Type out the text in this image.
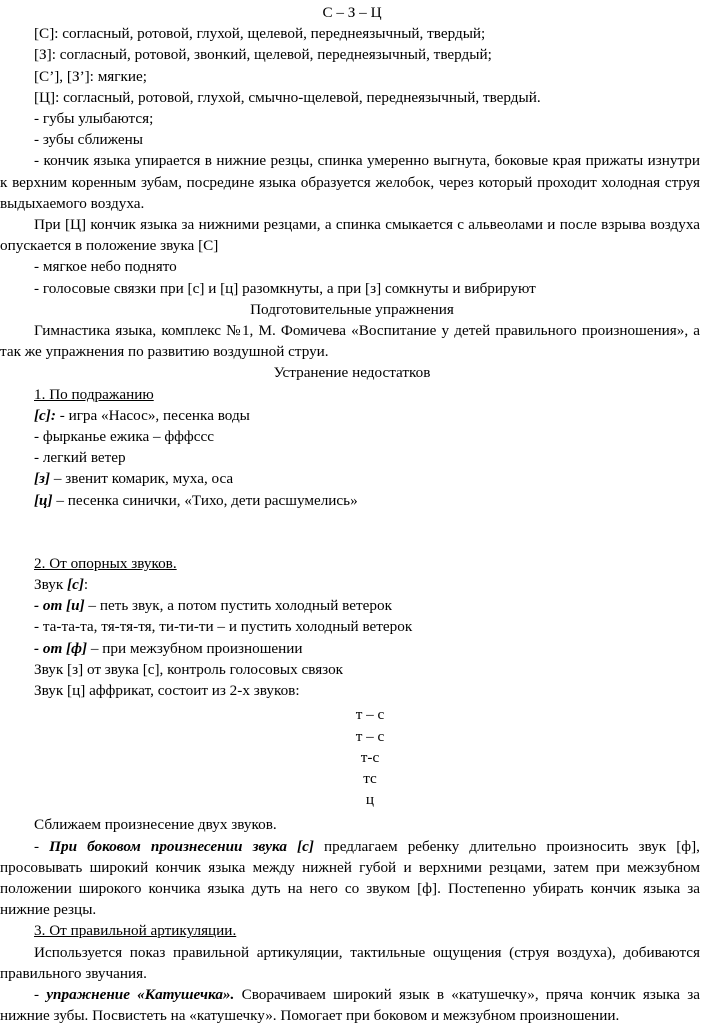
С – З – Ц

[С]: согласный, ротовой, глухой, щелевой, переднеязычный, твердый;

[З]: согласный, ротовой, звонкий, щелевой, переднеязычный, твердый;

[С’], [З’]: мягкие;

[Ц]: согласный, ротовой, глухой, смычно-щелевой, переднеязычный, твердый.

- губы улыбаются;

- зубы сближены

- кончик языка упирается в нижние резцы, спинка умеренно выгнута, боковые края прижаты изнутри к верхним коренным зубам, посредине языка образуется желобок, через который проходит холодная струя выдыхаемого воздуха.

При [Ц] кончик языка за нижними резцами, а спинка смыкается с альвеолами и после взрыва воздуха опускается в положение звука [С]

- мягкое небо поднято

- голосовые связки при [с] и [ц] разомкнуты, а при [з] сомкнуты и вибрируют

Подготовительные упражнения

Гимнастика языка, комплекс №1, М. Фомичева «Воспитание у детей правильного произношения», а так же упражнения по развитию воздушной струи.

Устранение недостатков

1. По подражанию

[с]: - игра «Насос», песенка воды

- фырканье ежика – фффссс

- легкий ветер

[з] – звенит комарик, муха, оса

[ц] – песенка синички, «Тихо, дети расшумелись»

2. От опорных звуков.

Звук [с]:

- от [и] – петь звук, а потом пустить холодный ветерок

- та-та-та, тя-тя-тя, ти-ти-ти – и пустить холодный ветерок

- от [ф] – при межзубном произношении

Звук [з] от звука [с], контроль голосовых связок

Звук [ц] аффрикат, состоит из 2-х звуков:

т – с
т – с
т-с
тс
ц

Сближаем произнесение двух звуков.

- При боковом произнесении звука [с] предлагаем ребенку длительно произносить звук [ф], просовывать широкий кончик языка между нижней губой и верхними резцами, затем при межзубном положении широкого кончика языка дуть на него со звуком [ф]. Постепенно убирать кончик языка за нижние резцы.

3. От правильной артикуляции.

Используется показ правильной артикуляции, тактильные ощущения (струя воздуха), добиваются правильного звучания.

- упражнение «Катушечка». Сворачиваем широкий язык в «катушечку», пряча кончик языка за нижние зубы. Посвистеть на «катушечку». Помогает при боковом и межзубном произношении.
